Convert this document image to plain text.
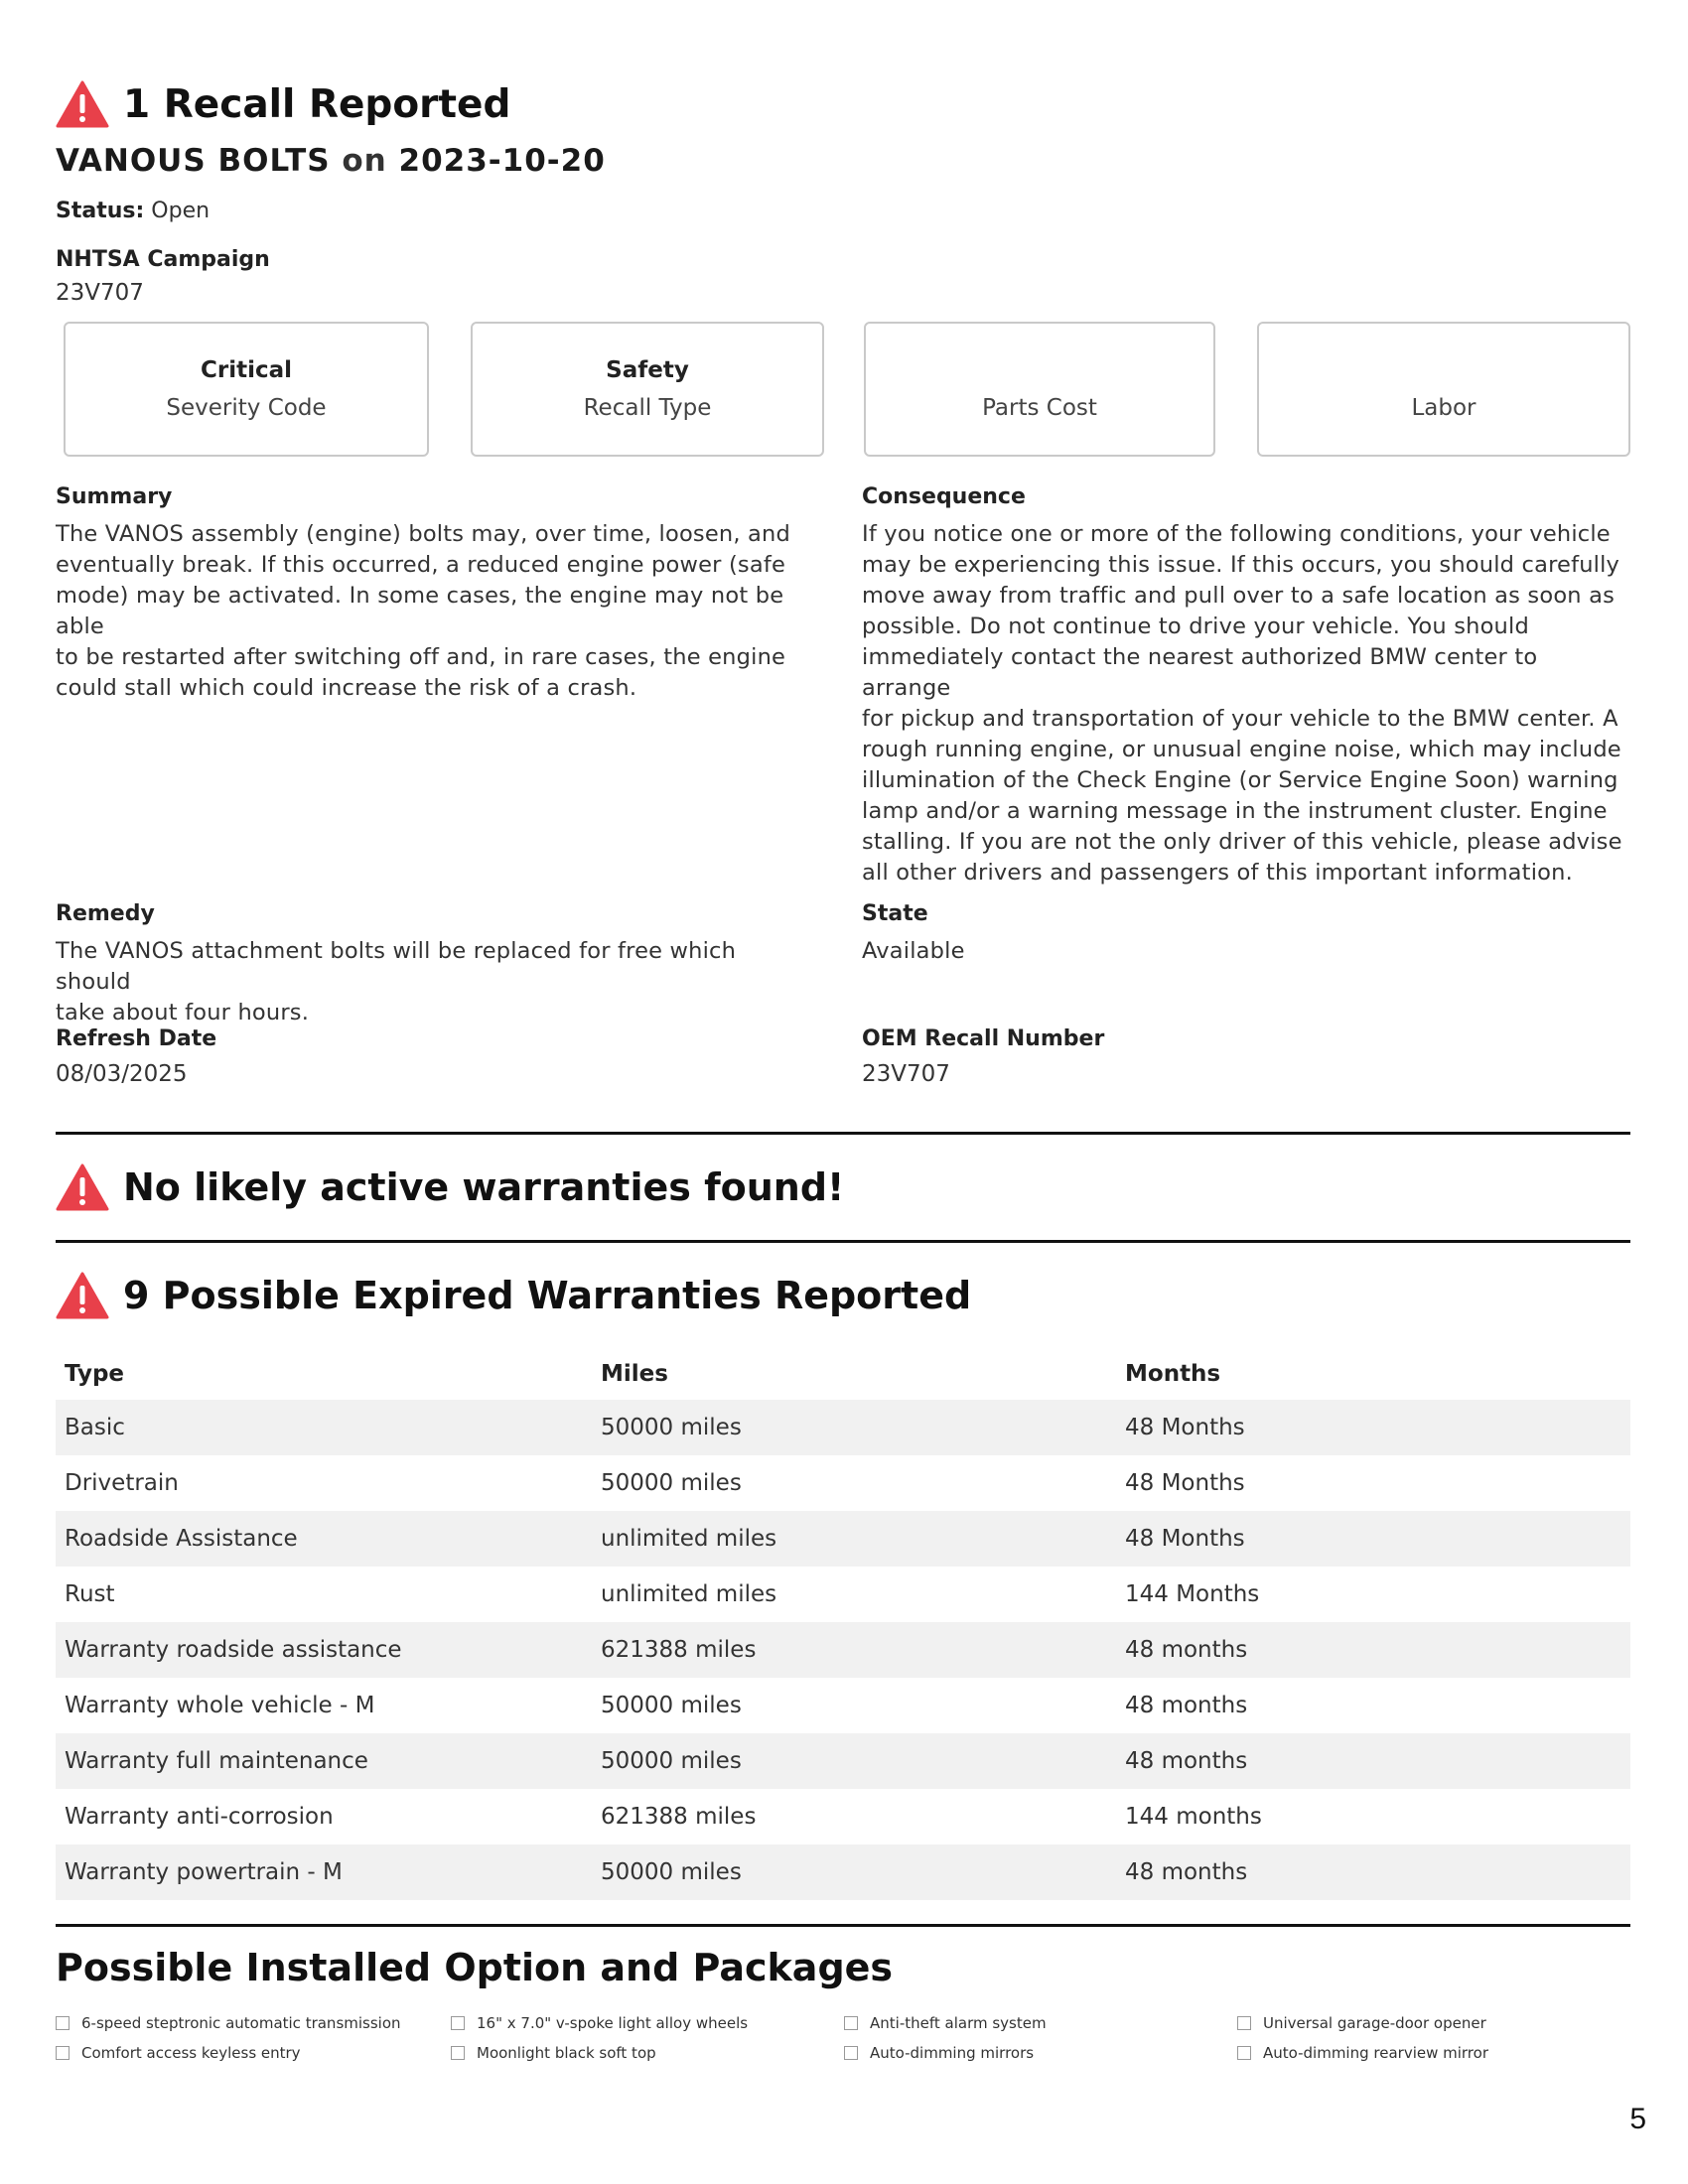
1 Recall Reported
VANOUS BOLTS on 2023-10-20
Status: Open
NHTSA Campaign
23V707
Critical
Severity Code
Safety
Recall Type	Parts Cost	Labor
Summary
The VANOS assembly (engine) bolts may, over time, loosen, and
eventually break. If this occurred, a reduced engine power (safe
mode) may be activated. In some cases, the engine may not be able
to be restarted after switching off and, in rare cases, the engine
could stall which could increase the risk of a crash.
Consequence
If you notice one or more of the following conditions, your vehicle
may be experiencing this issue. If this occurs, you should carefully
move away from traffic and pull over to a safe location as soon as
possible. Do not continue to drive your vehicle. You should
immediately contact the nearest authorized BMW center to arrange
for pickup and transportation of your vehicle to the BMW center. A
rough running engine, or unusual engine noise, which may include
illumination of the Check Engine (or Service Engine Soon) warning
lamp and/or a warning message in the instrument cluster. Engine
stalling. If you are not the only driver of this vehicle, please advise
all other drivers and passengers of this important information.
Remedy
The VANOS attachment bolts will be replaced for free which should
take about four hours.
State
Available
Refresh Date
08/03/2025
OEM Recall Number
23V707
No likely active warranties found!
9 Possible Expired Warranties Reported
Type	Miles	Months
Basic	50000 miles	48 Months
Drivetrain	50000 miles	48 Months
Roadside Assistance	unlimited miles	48 Months
Rust	unlimited miles	144 Months
Warranty roadside assistance	621388 miles	48 months
Warranty whole vehicle - M	50000 miles	48 months
Warranty full maintenance	50000 miles	48 months
Warranty anti-corrosion	621388 miles	144 months
Warranty powertrain - M	50000 miles	48 months
Possible Installed Option and Packages
6-speed steptronic automatic transmission	16" x 7.0" v-spoke light alloy wheels	Anti-theft alarm system	Universal garage-door opener
Comfort access keyless entry	Moonlight black soft top	Auto-dimming mirrors	Auto-dimming rearview mirror
5
